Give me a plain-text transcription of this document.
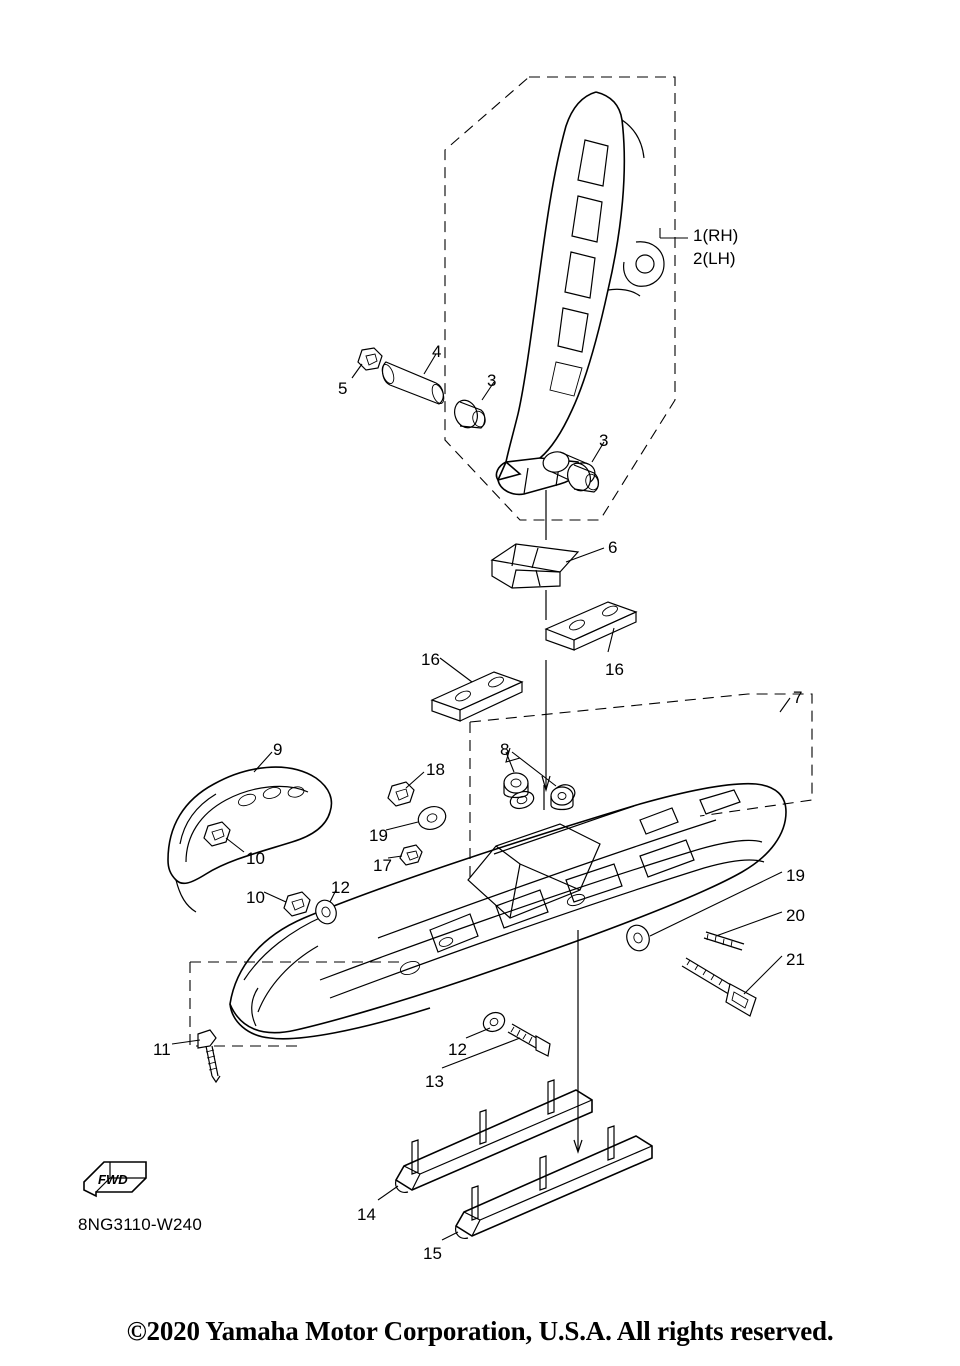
1(RH)
2(LH)
3
3
4
5
6
7
8
9
10
10
11
12
12
13
14
15
16
16
17
18
19
19
20
21
FWD
8NG3110-W240
©2020 Yamaha Motor Corporation, U.S.A. All rights reserved.
